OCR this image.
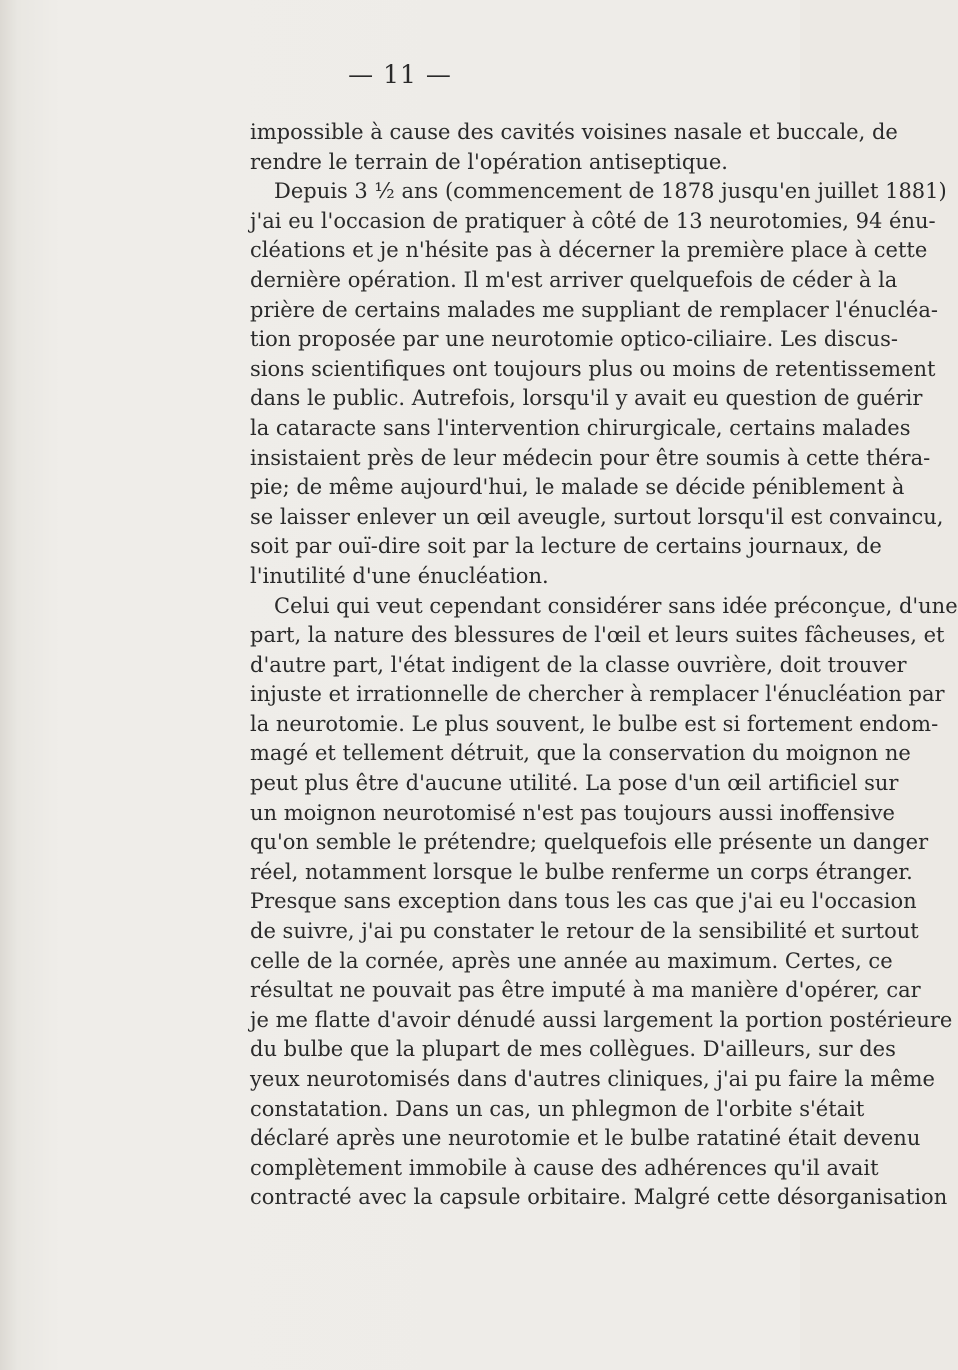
— 11 —
impossible à cause des cavités voisines nasale et buccale, de
rendre le terrain de l'opération antiseptique.
Depuis 3 ½ ans (commencement de 1878 jusqu'en juillet 1881)
j'ai eu l'occasion de pratiquer à côté de 13 neurotomies, 94 énu-
cléations et je n'hésite pas à décerner la première place à cette
dernière opération. Il m'est arriver quelquefois de céder à la
prière de certains malades me suppliant de remplacer l'énucléa-
tion proposée par une neurotomie optico-ciliaire. Les discus-
sions scientifiques ont toujours plus ou moins de retentissement
dans le public. Autrefois, lorsqu'il y avait eu question de guérir
la cataracte sans l'intervention chirurgicale, certains malades
insistaient près de leur médecin pour être soumis à cette théra-
pie; de même aujourd'hui, le malade se décide péniblement à
se laisser enlever un œil aveugle, surtout lorsqu'il est convaincu,
soit par ouï-dire soit par la lecture de certains journaux, de
l'inutilité d'une énucléation.
Celui qui veut cependant considérer sans idée préconçue, d'une
part, la nature des blessures de l'œil et leurs suites fâcheuses, et
d'autre part, l'état indigent de la classe ouvrière, doit trouver
injuste et irrationnelle de chercher à remplacer l'énucléation par
la neurotomie. Le plus souvent, le bulbe est si fortement endom-
magé et tellement détruit, que la conservation du moignon ne
peut plus être d'aucune utilité. La pose d'un œil artificiel sur
un moignon neurotomisé n'est pas toujours aussi inoffensive
qu'on semble le prétendre; quelquefois elle présente un danger
réel, notamment lorsque le bulbe renferme un corps étranger.
Presque sans exception dans tous les cas que j'ai eu l'occasion
de suivre, j'ai pu constater le retour de la sensibilité et surtout
celle de la cornée, après une année au maximum. Certes, ce
résultat ne pouvait pas être imputé à ma manière d'opérer, car
je me flatte d'avoir dénudé aussi largement la portion postérieure
du bulbe que la plupart de mes collègues. D'ailleurs, sur des
yeux neurotomisés dans d'autres cliniques, j'ai pu faire la même
constatation. Dans un cas, un phlegmon de l'orbite s'était
déclaré après une neurotomie et le bulbe ratatiné était devenu
complètement immobile à cause des adhérences qu'il avait
contracté avec la capsule orbitaire. Malgré cette désorganisation
